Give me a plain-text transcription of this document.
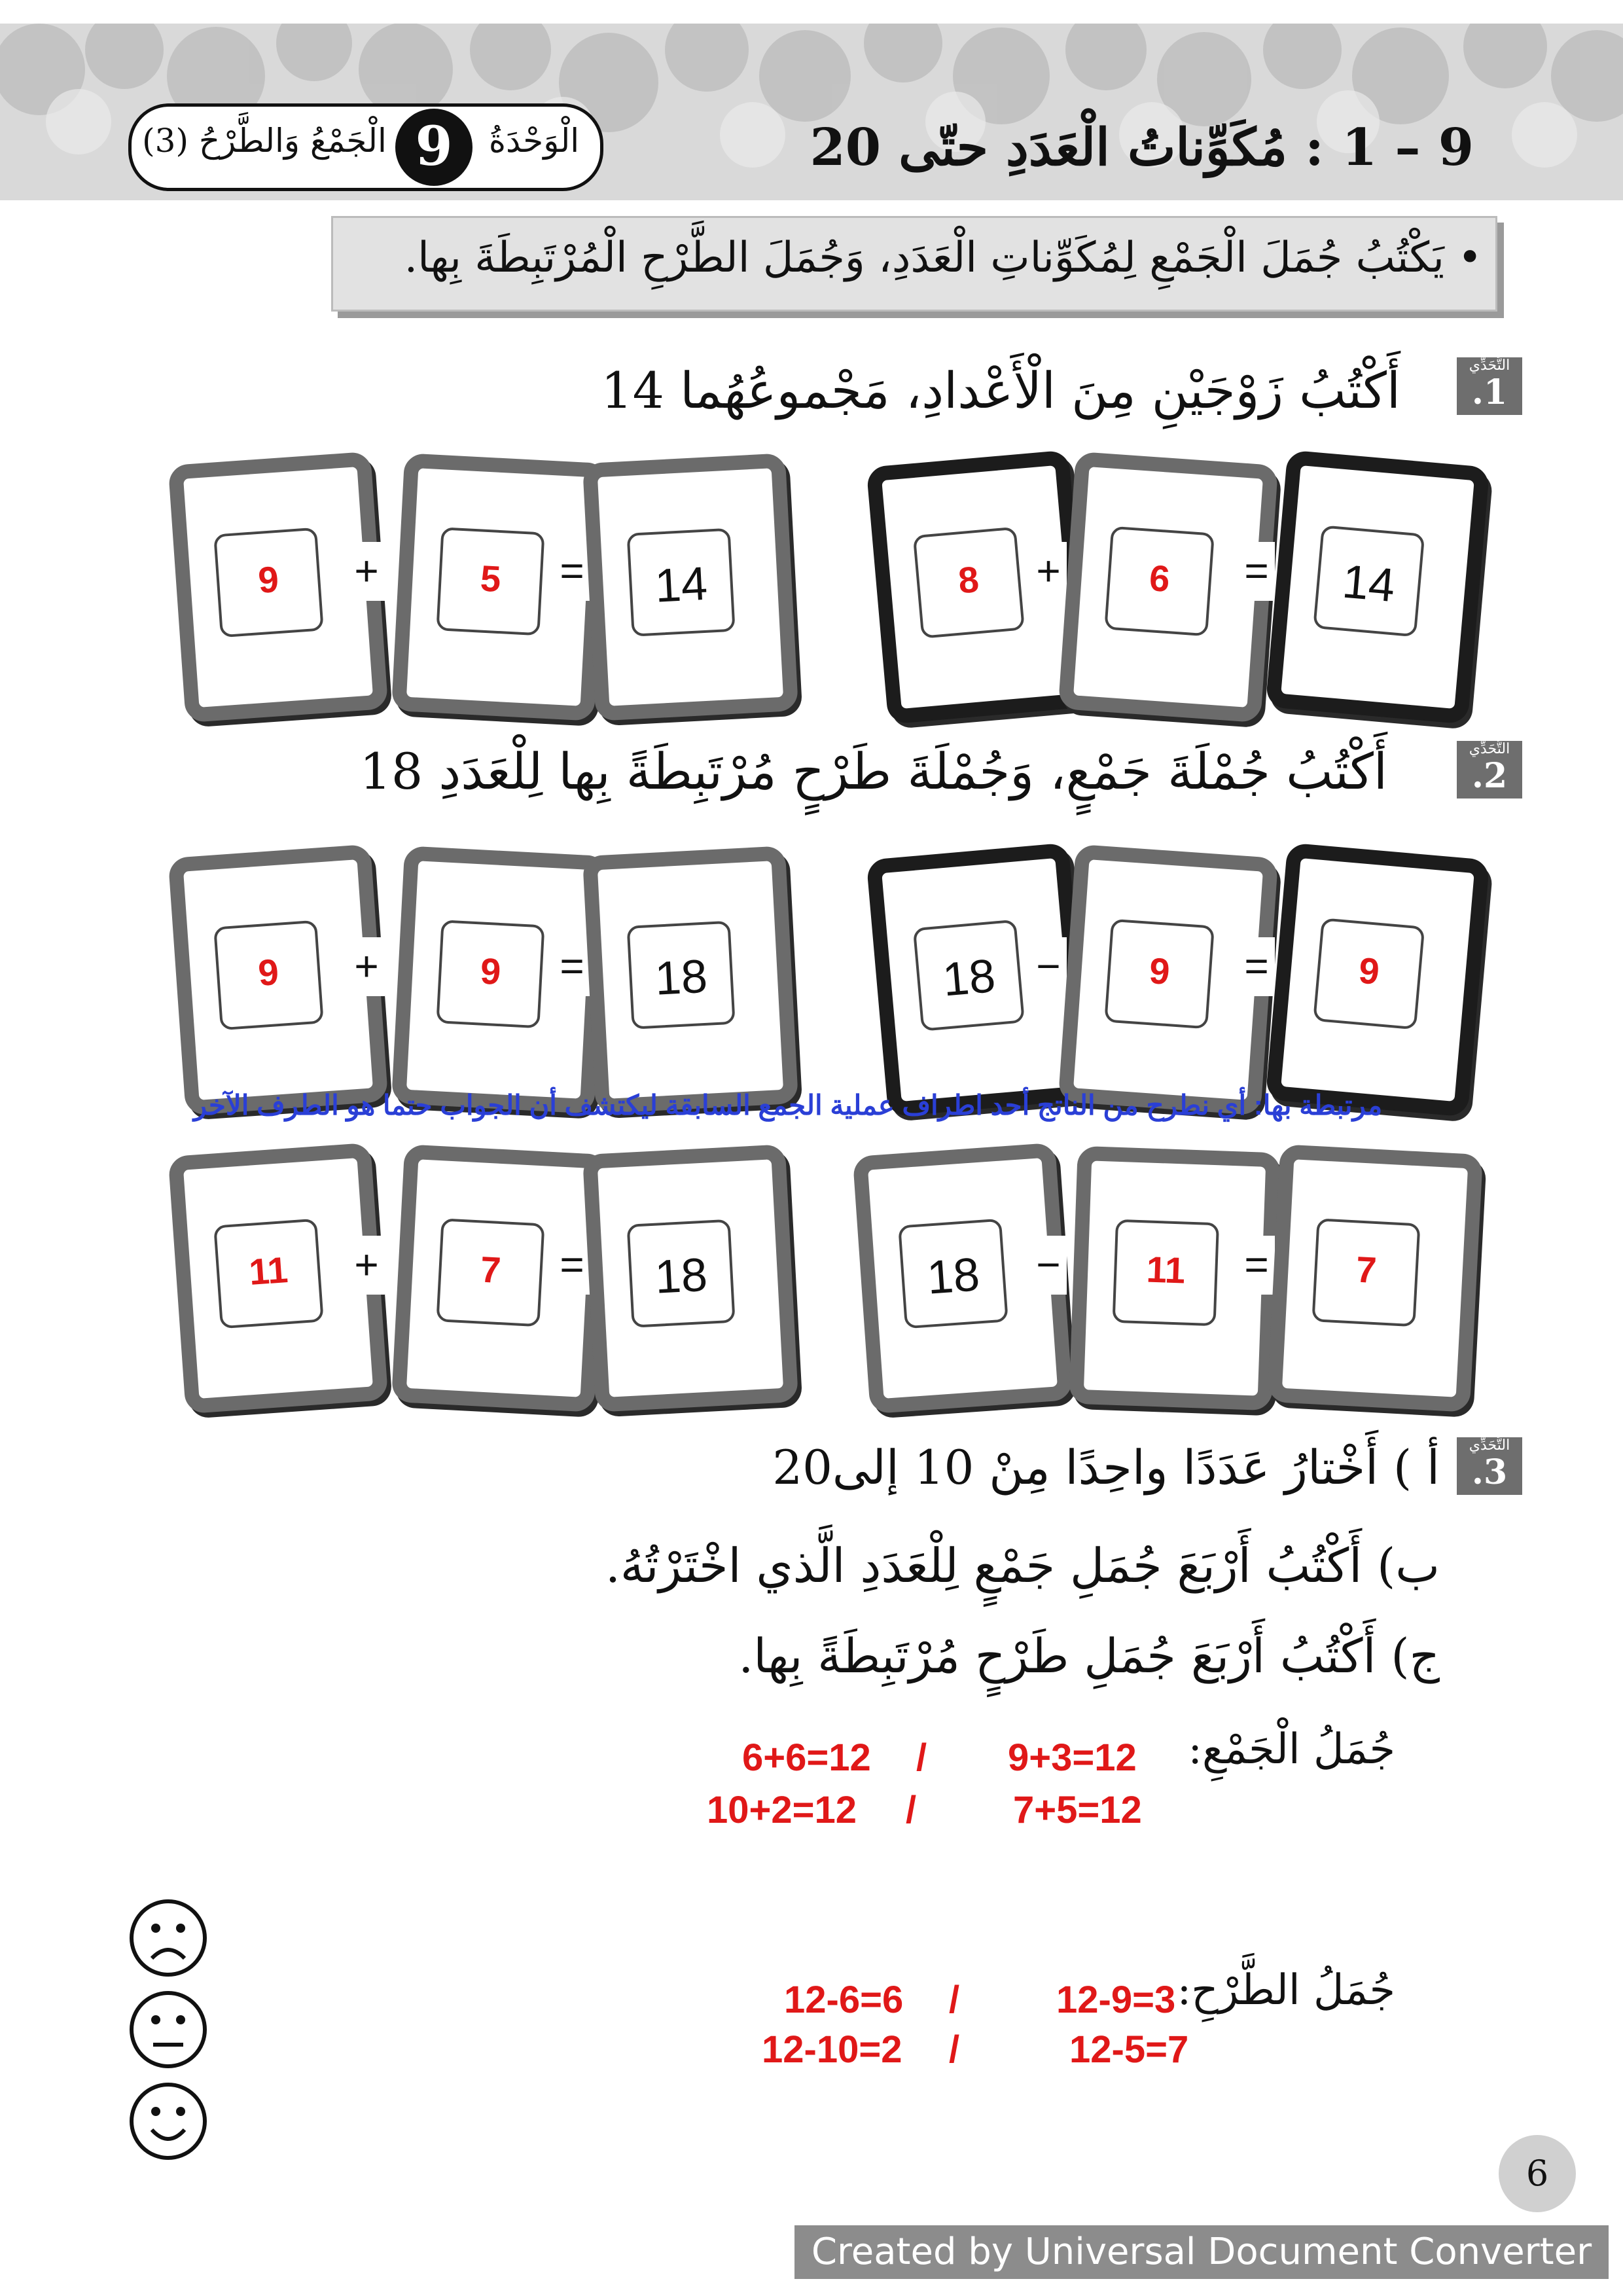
الْجَمْعُ وَالطَّرْحُ (3) 9	الْوَحْدَةُ	9 – 1 : مُكَوِّناتُ الْعَدَدِ حتّى 20
• يَكْتُبُ جُمَلَ الْجَمْعِ لِمُكَوِّناتِ الْعَدَدِ، وَجُمَلَ الطَّرْحِ الْمُرْتَبِطَةَ بِها.
التَّحَدِّي
.1
أَكْتُبُ زَوْجَيْنِ مِنَ الْأَعْدادِ، مَجْموعُهُما 14
9	+	5	=	14	8	+	6	=	14
التَّحَدِّي
.2
أَكْتُبُ جُمْلَةَ جَمْعٍ، وَجُمْلَةَ طَرْحٍ مُرْتَبِطَةً بِها لِلْعَدَدِ 18
9	+	9	=	18	18 −	9	=	9
مرتبطة بها: أي نطرح من الناتج أحد اطراف عملية الجمع السابقة ليكتشف أن الجواب حتما هو الطرف الآخر
11	+	7	=	18	18	−	11	=	7
التَّحَدِّي
.3
أ ) أَخْتارُ عَدَدًا واحِدًا مِنْ 10 إلى20
ب) أَكْتُبُ أَرْبَعَ جُمَلِ جَمْعٍ لِلْعَدَدِ الَّذي اخْتَرْتُهُ.
ج) أَكْتُبُ أَرْبَعَ جُمَلِ طَرْحٍ مُرْتَبِطَةً بِها.
جُمَلُ الْجَمْعِ:
9+3=12
6+6=12 /
7+5=12
10+2=12 /
جُمَلُ الطَّرْحِ:
12-9=3
12-6=6 /
12-5=7
12-10=2 /
6
Created by Universal Document Converter
